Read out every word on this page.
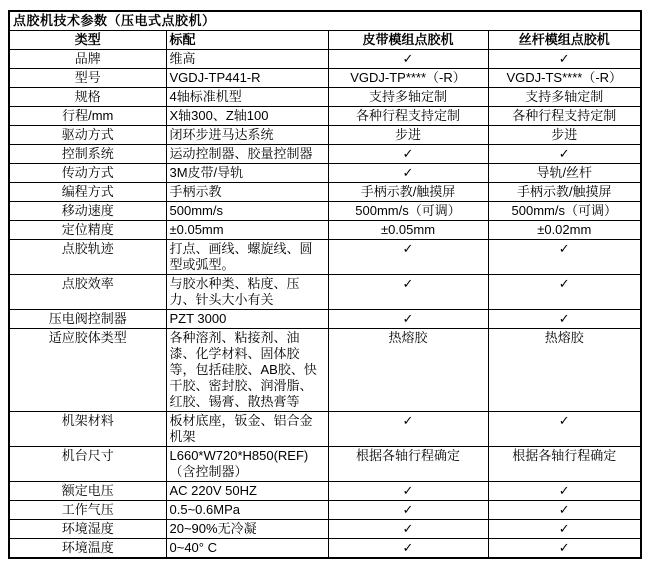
点胶机技术参数（压电式点胶机）			
类型	标配	皮带模组点胶机	丝杆模组点胶机
品牌	维高	✓	✓
型号	VGDJ-TP441-R	VGDJ-TP****（-R）	VGDJ-TS****（-R）
规格	4轴标准机型	支持多轴定制	支持多轴定制
行程/mm	X轴300、Z轴100	各种行程支持定制	各种行程支持定制
驱动方式	闭环步进马达系统	步进	步进
控制系统	运动控制器、胶量控制器	✓	✓
传动方式	3M皮带/导轨	✓	导轨/丝杆
编程方式	手柄示教	手柄示教/触摸屏	手柄示教/触摸屏
移动速度	500mm/s	500mm/s（可调）	500mm/s（可调）
定位精度	±0.05mm	±0.05mm	±0.02mm
点胶轨迹	打点、画线、螺旋线、圆型或弧型。	✓	✓
点胶效率	与胶水种类、粘度、压力、针头大小有关	✓	✓
压电阀控制器	PZT 3000	✓	✓
适应胶体类型	各种溶剂、粘接剂、油漆、化学材料、固体胶等，包括硅胶、AB胶、快干胶、密封胶、润滑脂、红胶、锡膏、散热膏等	热熔胶	热熔胶
机架材料	板材底座，钣金、铝合金机架	✓	✓
机台尺寸	L660*W720*H850(REF)（含控制器）	根据各轴行程确定	根据各轴行程确定
额定电压	AC 220V 50HZ	✓	✓
工作气压	0.5~0.6MPa	✓	✓
环境湿度	20~90%无冷凝	✓	✓
环境温度	0~40° C	✓	✓
